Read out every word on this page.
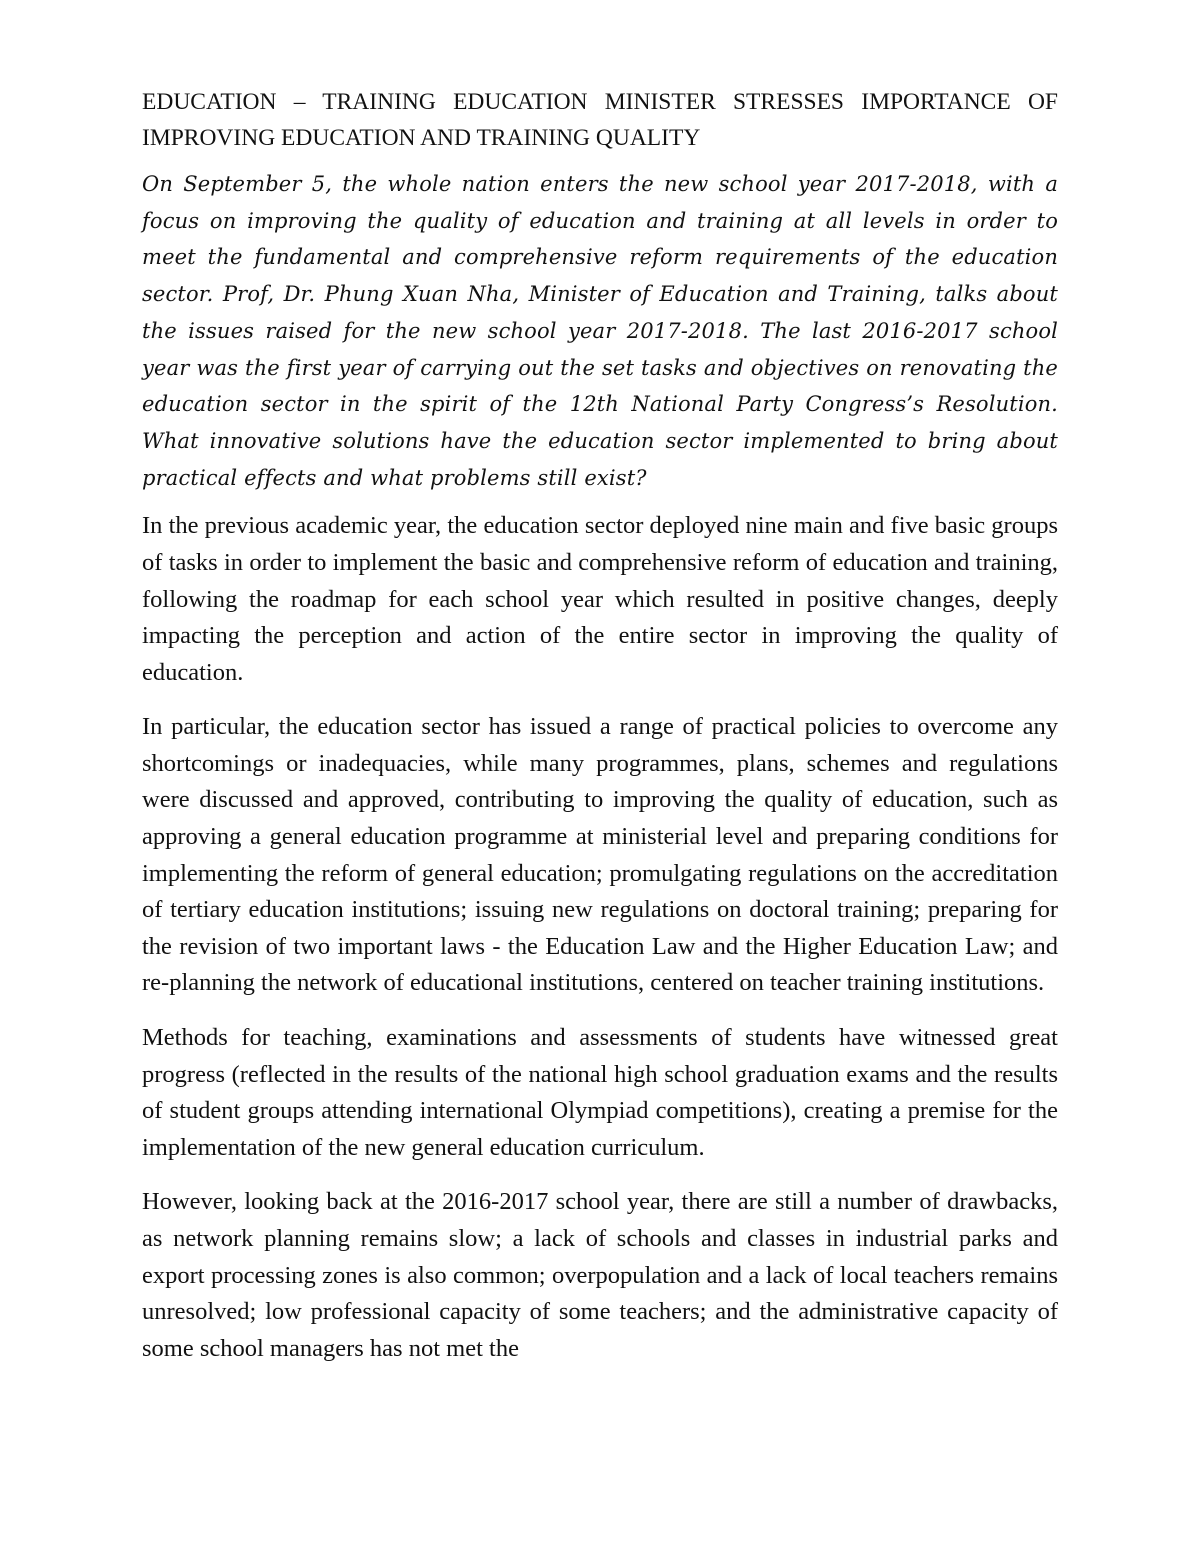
EDUCATION – TRAINING EDUCATION MINISTER STRESSES IMPORTANCE OF IMPROVING EDUCATION AND TRAINING QUALITY

On September 5, the whole nation enters the new school year 2017-2018, with a focus on improving the quality of education and training at all levels in order to meet the fundamental and comprehensive reform requirements of the education sector. Prof, Dr. Phung Xuan Nha, Minister of Education and Training, talks about the issues raised for the new school year 2017-2018. The last 2016-2017 school year was the first year of carrying out the set tasks and objectives on renovating the education sector in the spirit of the 12th National Party Congress’s Resolution. What innovative solutions have the education sector implemented to bring about practical effects and what problems still exist?

In the previous academic year, the education sector deployed nine main and five basic groups of tasks in order to implement the basic and comprehensive reform of education and training, following the roadmap for each school year which resulted in positive changes, deeply impacting the perception and action of the entire sector in improving the quality of education.

In particular, the education sector has issued a range of practical policies to overcome any shortcomings or inadequacies, while many programmes, plans, schemes and regulations were discussed and approved, contributing to improving the quality of education, such as approving a general education programme at ministerial level and preparing conditions for implementing the reform of general education; promulgating regulations on the accreditation of tertiary education institutions; issuing new regulations on doctoral training; preparing for the revision of two important laws - the Education Law and the Higher Education Law; and re-planning the network of educational institutions, centered on teacher training institutions.

Methods for teaching, examinations and assessments of students have witnessed great progress (reflected in the results of the national high school graduation exams and the results of student groups attending international Olympiad competitions), creating a premise for the implementation of the new general education curriculum.

However, looking back at the 2016-2017 school year, there are still a number of drawbacks, as network planning remains slow; a lack of schools and classes in industrial parks and export processing zones is also common; overpopulation and a lack of local teachers remains unresolved; low professional capacity of some teachers; and the administrative capacity of some school managers has not met the
